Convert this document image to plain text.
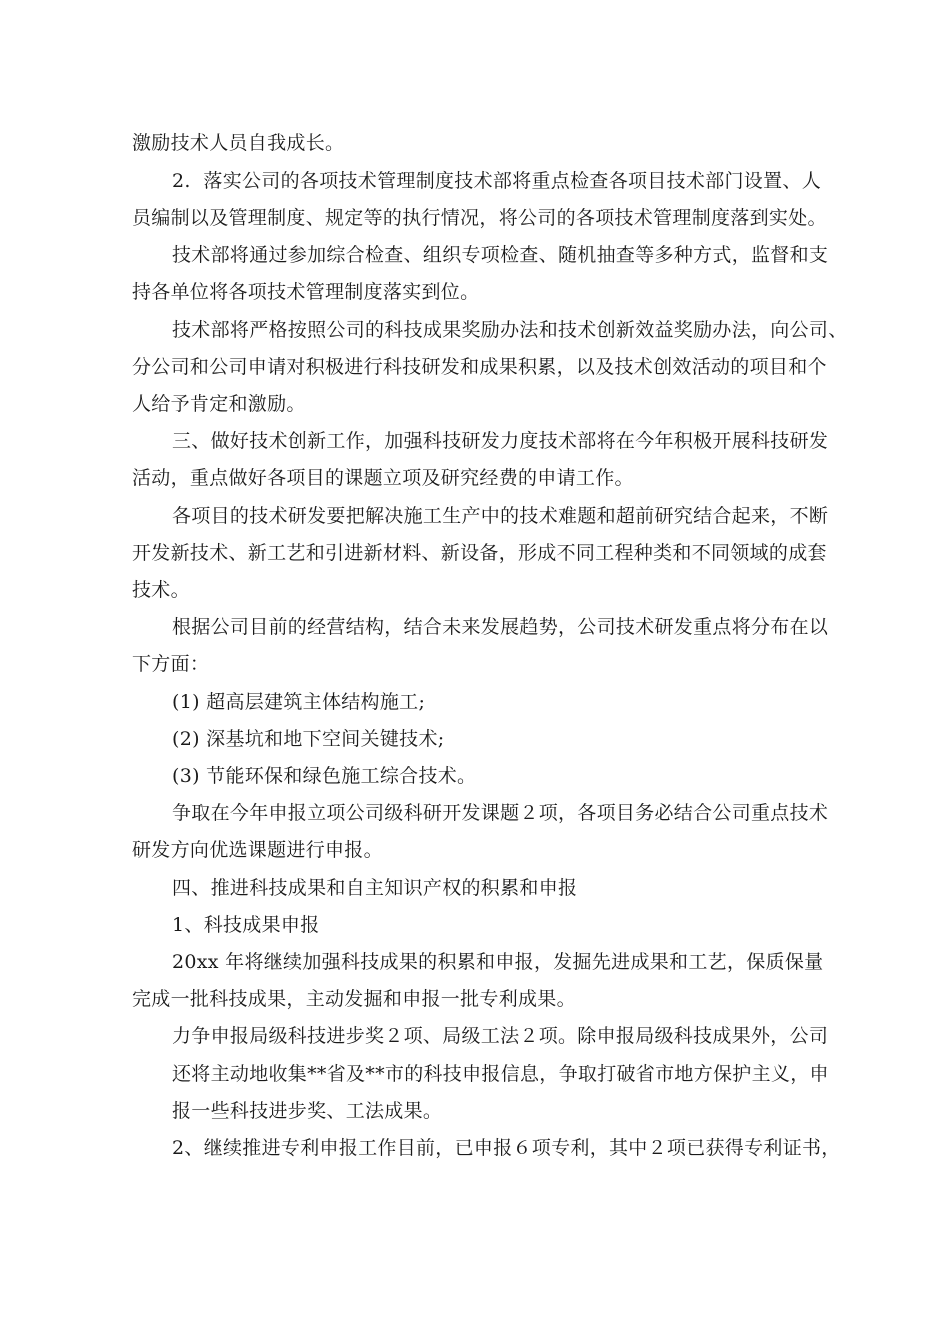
激励技术人员自我成长。
2.  落实公司的各项技术管理制度技术部将重点检查各项目技术部门设置、人
员编制以及管理制度、规定等的执行情况，将公司的各项技术管理制度落到实处。
技术部将通过参加综合检查、组织专项检查、随机抽查等多种方式，监督和支
持各单位将各项技术管理制度落实到位。
技术部将严格按照公司的科技成果奖励办法和技术创新效益奖励办法，向公司、
分公司和公司申请对积极进行科技研发和成果积累，以及技术创效活动的项目和个
人给予肯定和激励。
三、做好技术创新工作，加强科技研发力度技术部将在今年积极开展科技研发
活动，重点做好各项目的课题立项及研究经费的申请工作。
各项目的技术研发要把解决施工生产中的技术难题和超前研究结合起来，不断
开发新技术、新工艺和引进新材料、新设备，形成不同工程种类和不同领域的成套
技术。
根据公司目前的经营结构，结合未来发展趋势，公司技术研发重点将分布在以
下方面：
(1) 超高层建筑主体结构施工;
(2) 深基坑和地下空间关键技术;
(3) 节能环保和绿色施工综合技术。
争取在今年申报立项公司级科研开发课题２项，各项目务必结合公司重点技术
研发方向优选课题进行申报。
四、推进科技成果和自主知识产权的积累和申报
1、科技成果申报
20xx 年将继续加强科技成果的积累和申报，发掘先进成果和工艺，保质保量
完成一批科技成果，主动发掘和申报一批专利成果。
力争申报局级科技进步奖２项、局级工法２项。除申报局级科技成果外，公司
还将主动地收集**省及**市的科技申报信息，争取打破省市地方保护主义，申
报一些科技进步奖、工法成果。
2、继续推进专利申报工作目前，已申报６项专利，其中２项已获得专利证书，
